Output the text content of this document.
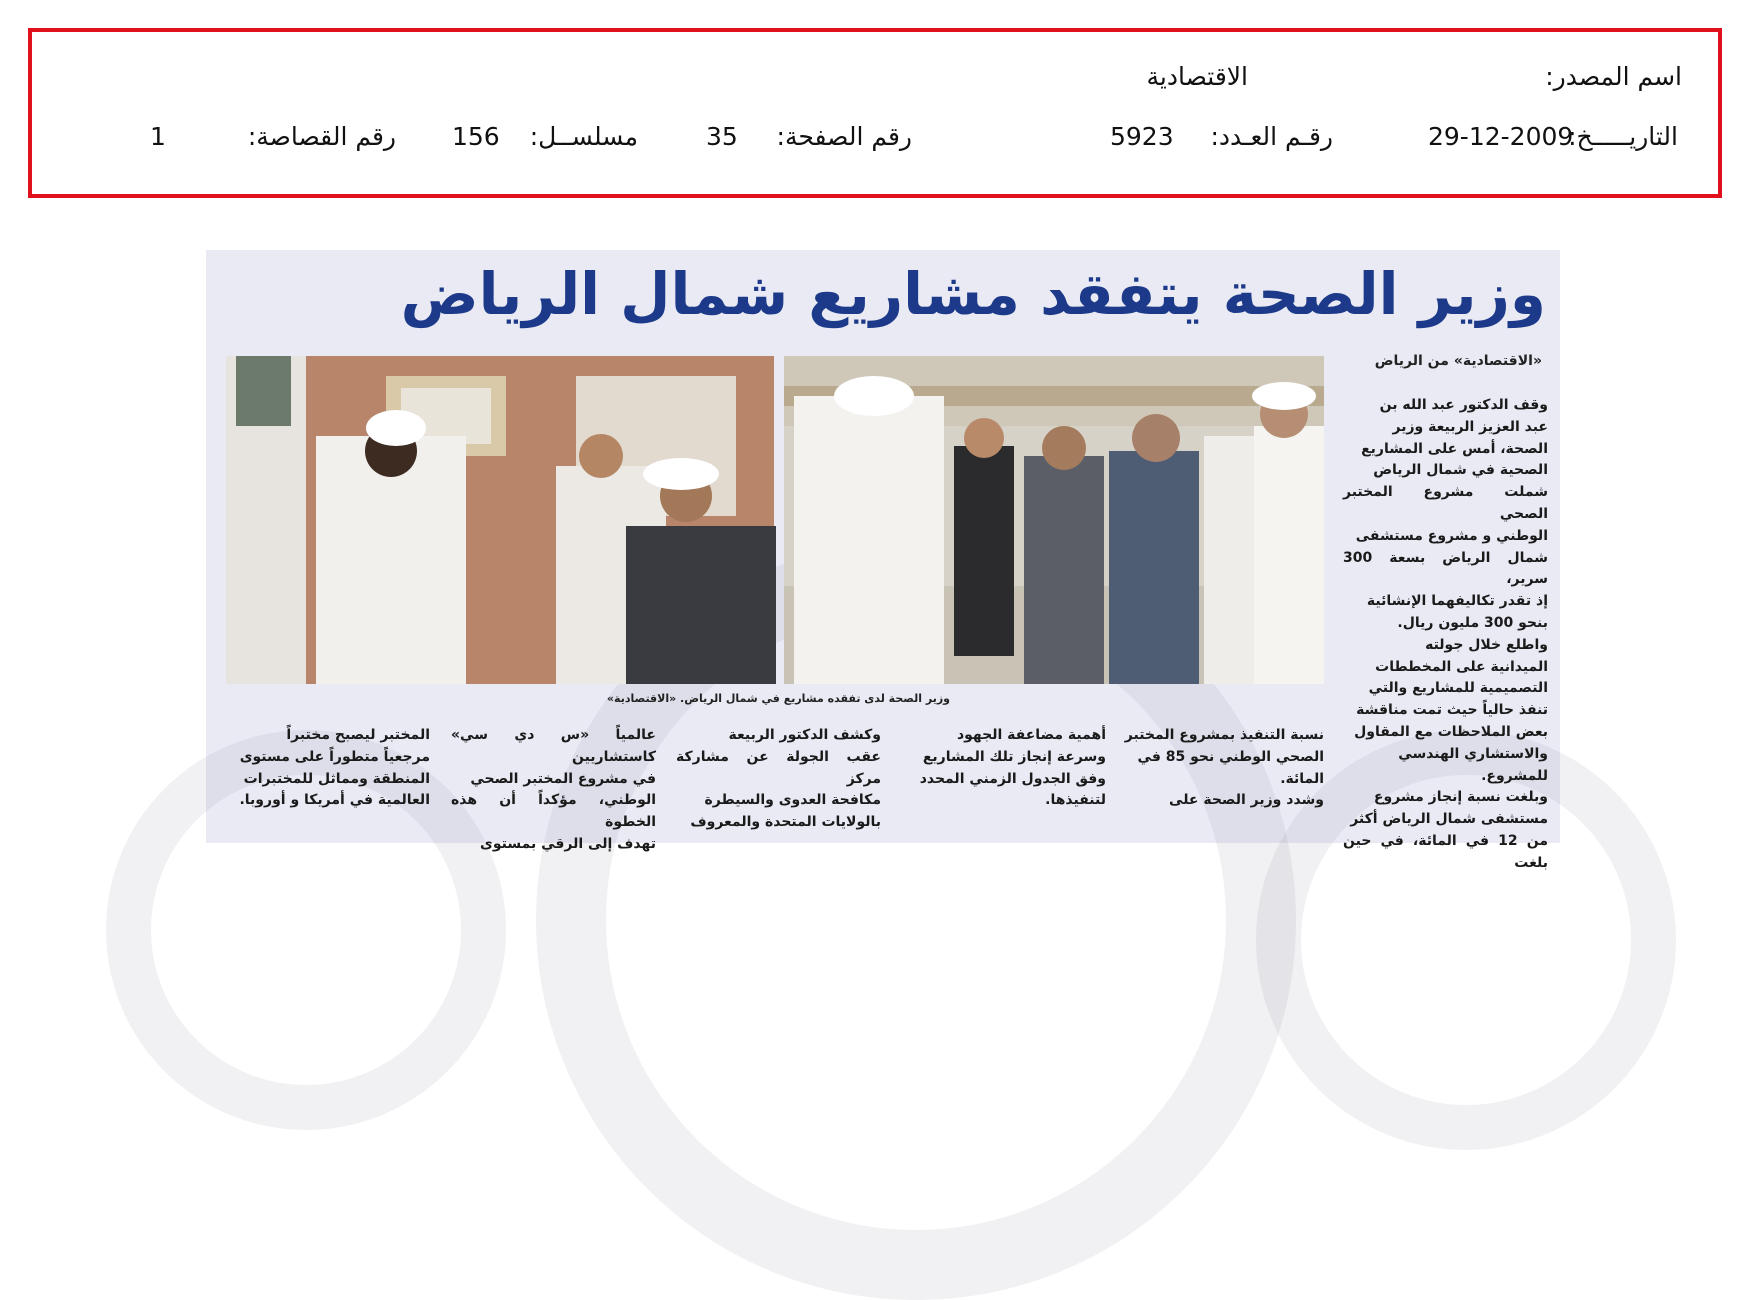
اسم المصدر:
الاقتصادية
التاريـــــخ:
29-12-2009
رقـم العـدد:
5923
رقم الصفحة:
35
مسلســل:
156
رقم القصاصة:
1
وزير الصحة يتفقد مشاريع شمال الرياض
«الاقتصادية» من الرياض
وقف الدكتور عبد الله بن
عبد العزيز الربيعة وزير
الصحة، أمس على المشاريع
الصحية في شمال الرياض
شملت مشروع المختبر الصحي
الوطني و مشروع مستشفى
شمال الرياض بسعة 300 سرير،
إذ تقدر تكاليفهما الإنشائية
بنحو 300 مليون ريال.
واطلع خلال جولته
الميدانية على المخططات
التصميمية للمشاريع والتي
تنفذ حالياً حيث تمت مناقشة
بعض الملاحظات مع المقاول
والاستشاري الهندسي
للمشروع.
وبلغت نسبة إنجاز مشروع
مستشفى شمال الرياض أكثر
من 12 في المائة، في حين بلغت
وزير الصحة لدى تفقده مشاريع في شمال الرياض. «الاقتصادية»
نسبة التنفيذ بمشروع المختبر
الصحي الوطني نحو 85 في
المائة.
وشدد وزير الصحة على
أهمية مضاعفة الجهود
وسرعة إنجاز تلك المشاريع
وفق الجدول الزمني المحدد
لتنفيذها.
وكشف الدكتور الربيعة
عقب الجولة عن مشاركة مركز
مكافحة العدوى والسيطرة
بالولايات المتحدة والمعروف
عالمياً «س دي سي» كاستشاريين
في مشروع المختبر الصحي
الوطني، مؤكداً أن هذه الخطوة
تهدف إلى الرقي بمستوى
المختبر ليصبح مختبراً
مرجعياً متطوراً على مستوى
المنطقة ومماثل للمختبرات
العالمية في أمريكا و أوروبا.
